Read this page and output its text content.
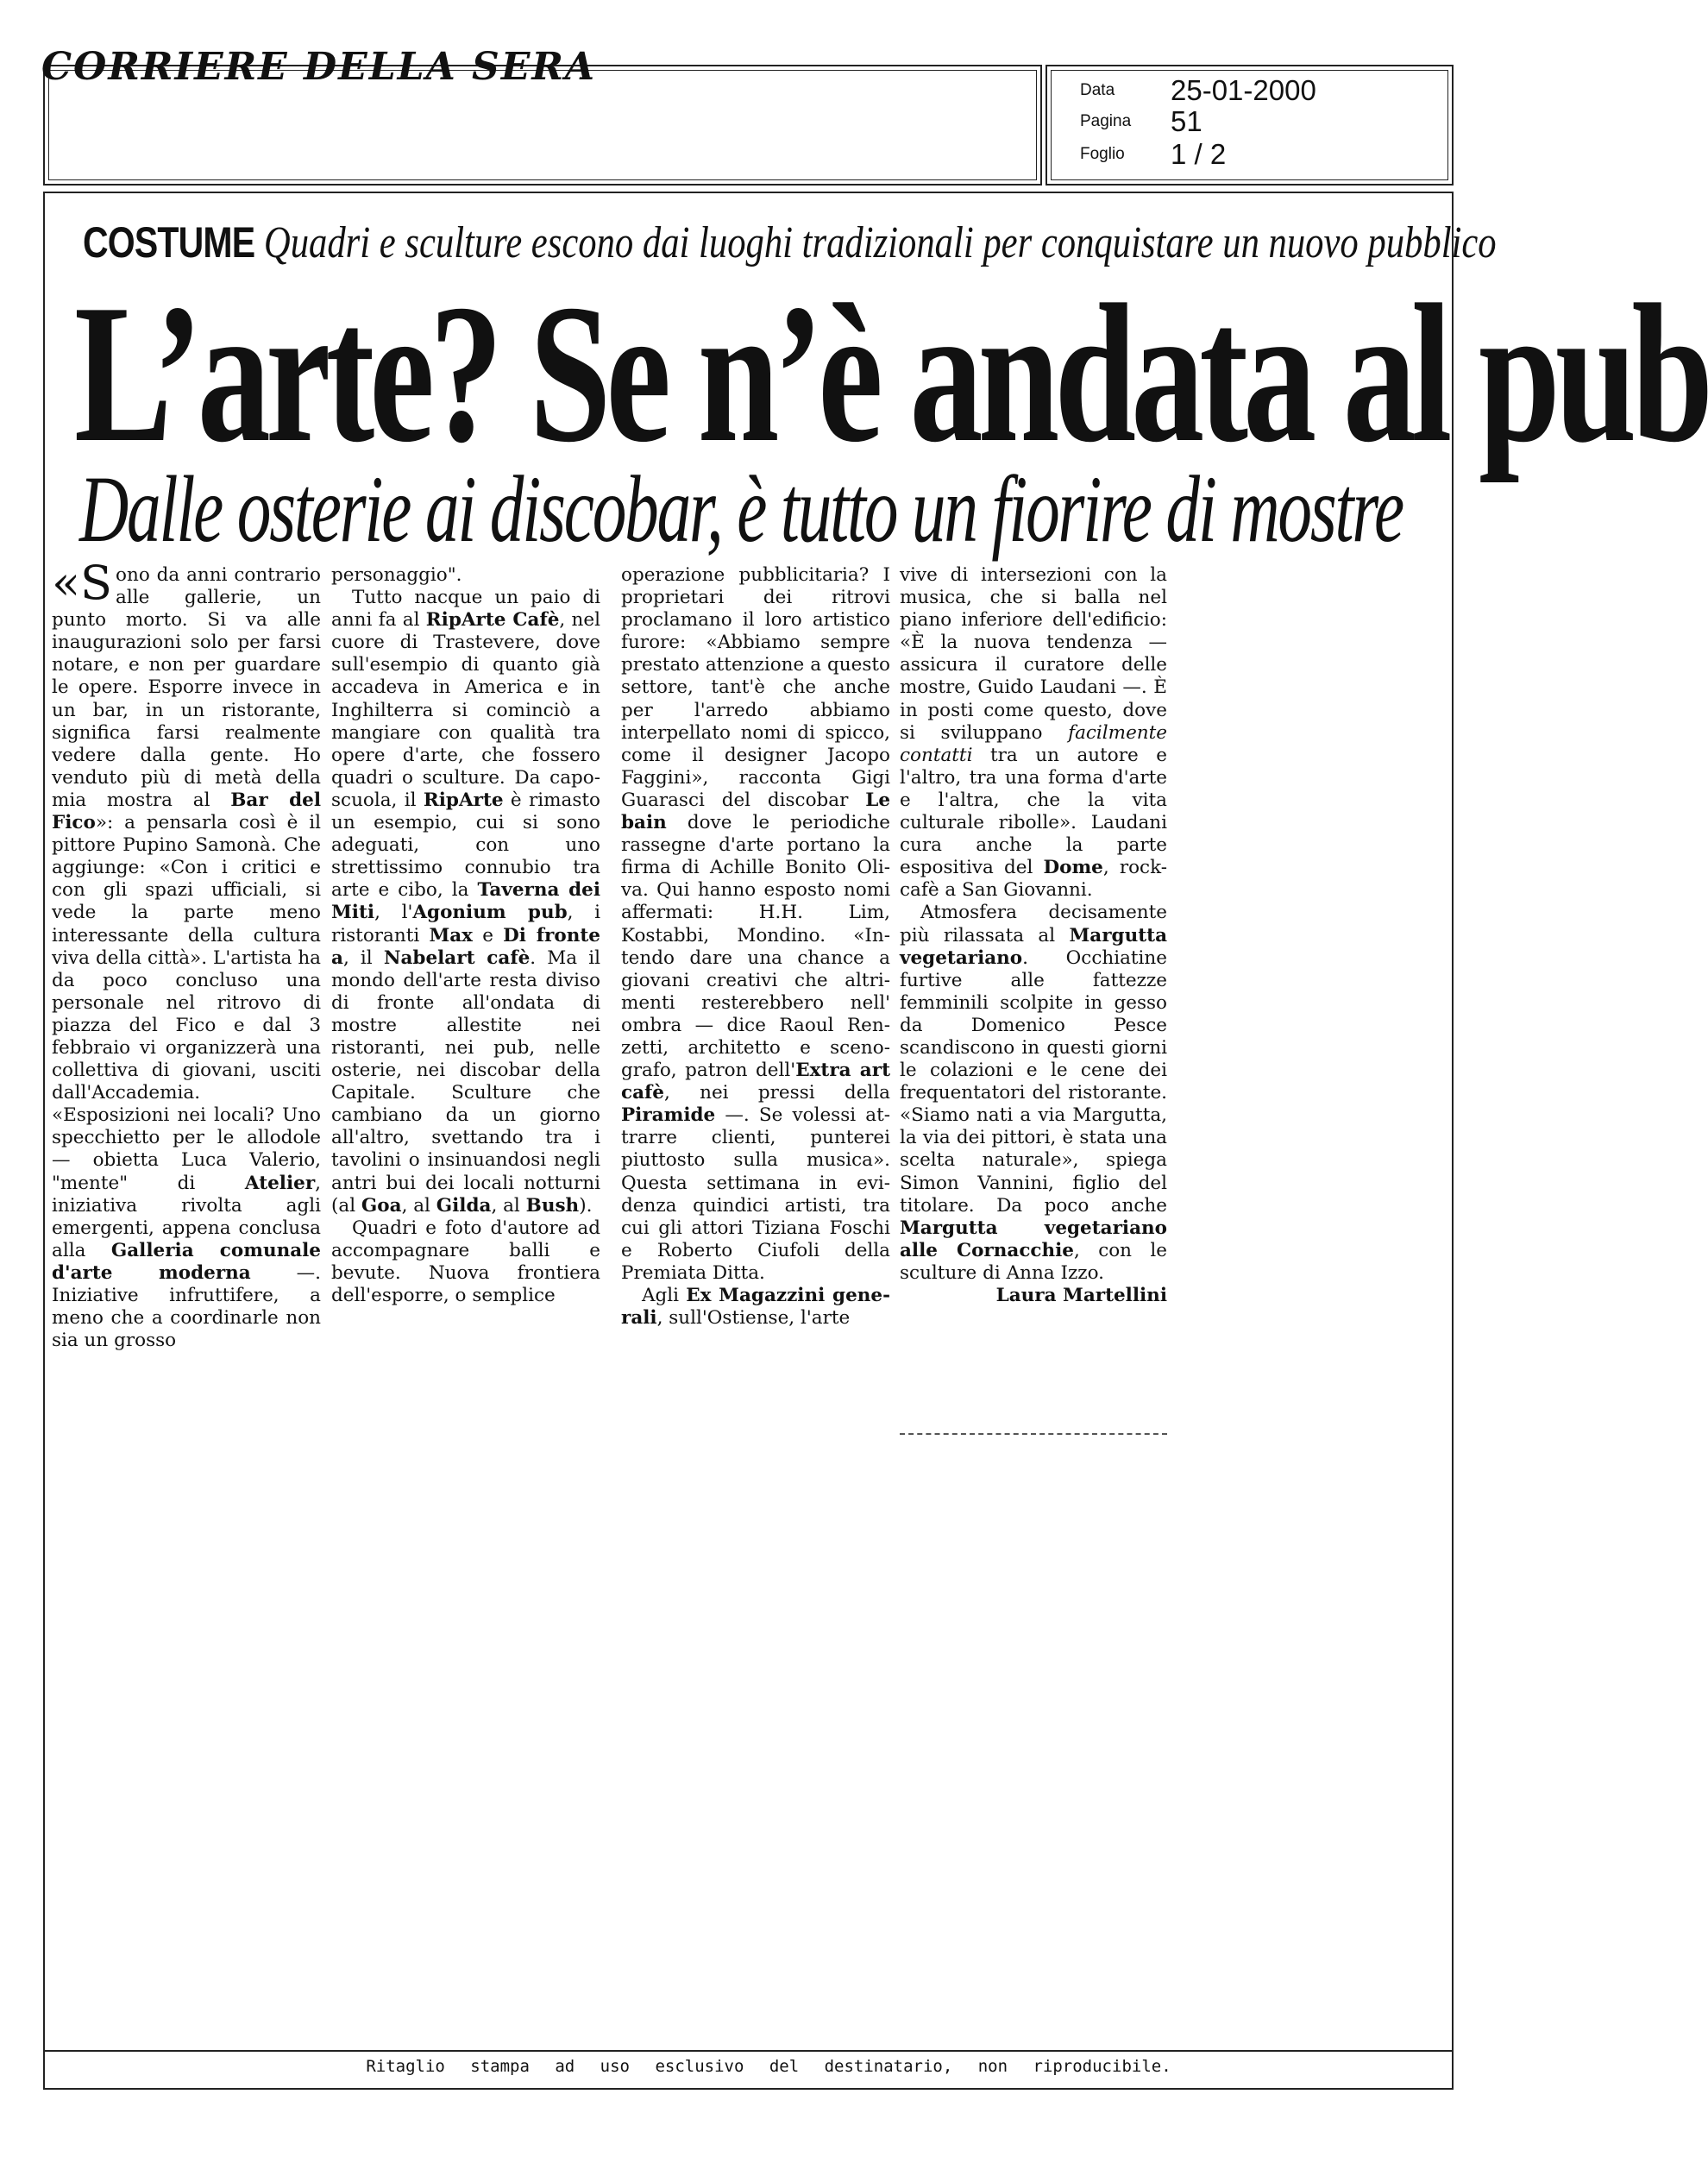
CORRIERE DELLA SERA
Data 25-01-2000
Pagina 51
Foglio 1 / 2
COSTUME Quadri e sculture escono dai luoghi tradizionali per conquistare un nuovo pubblico
L’arte? Se n’è andata al pub
Dalle osterie ai discobar, è tutto un fiorire di mostre

«Sono da anni contrario alle gallerie, un punto morto. Si va alle inaugurazioni solo per farsi notare, e non per guardare le opere. Esporre invece in un bar, in un ristorante, significa farsi realmente vedere dalla gente. Ho venduto più di metà della mia mostra al Bar del Fico»: a pensarla così è il pittore Pupino Samonà. Che aggiunge: «Con i critici e con gli spazi ufficiali, si vede la parte meno interessante della cultura viva della città». L'artista ha da poco concluso una personale nel ritrovo di piazza del Fico e dal 3 febbraio vi organizzerà una collettiva di giovani, usciti dall'Accademia. «Esposizioni nei locali? Uno specchietto per le allodole — obietta Luca Valerio, "mente" di Atelier, iniziativa rivolta agli emergenti, appena conclusa alla Galleria comunale d'arte moderna —. Iniziative infruttifere, a meno che a coordinarle non sia un grosso

personaggio".

Tutto nacque un paio di anni fa al RipArte Cafè, nel cuore di Trastevere, dove sull'esempio di quanto già accadeva in America e in Inghilterra si cominciò a mangiare con qualità tra opere d'arte, che fossero quadri o sculture. Da caposcuola, il RipArte è rimasto un esempio, cui si sono adeguati, con uno strettissimo connubio tra arte e cibo, la Taverna dei Miti, l'Agonium pub, i ristoranti Max e Di fronte a, il Nabelart cafè. Ma il mondo dell'arte resta diviso di fronte all'ondata di mostre allestite nei ristoranti, nei pub, nelle osterie, nei discobar della Capitale. Sculture che cambiano da un giorno all'altro, svettando tra i tavolini o insinuandosi negli antri bui dei locali notturni (al Goa, al Gilda, al Bush).

Quadri e foto d'autore ad accompagnare balli e bevute. Nuova frontiera dell'esporre, o semplice

operazione pubblicitaria? I proprietari dei ritrovi proclamano il loro artistico furore: «Abbiamo sempre prestato attenzione a questo settore, tant'è che anche per l'arredo abbiamo interpellato nomi di spicco, come il designer Jacopo Faggini», racconta Gigi Guarasci del discobar Le bain dove le periodiche rassegne d'arte portano la firma di Achille Bonito Oliva. Qui hanno esposto nomi affermati: H.H. Lim, Kostabbi, Mondino. «Intendo dare una chance a giovani creativi che altrimenti resterebbero nell' ombra — dice Raoul Renzetti, architetto e scenografo, patron dell'Extra art cafè, nei pressi della Piramide —. Se volessi attrarre clienti, punterei piuttosto sulla musica». Questa settimana in evidenza quindici artisti, tra cui gli attori Tiziana Foschi e Roberto Ciufoli della Premiata Ditta.

Agli Ex Magazzini generali, sull'Ostiense, l'arte

vive di intersezioni con la musica, che si balla nel piano inferiore dell'edificio: «È la nuova tendenza — assicura il curatore delle mostre, Guido Laudani —. È in posti come questo, dove si sviluppano facilmente contatti tra un autore e l'altro, tra una forma d'arte e l'altra, che la vita culturale ribolle». Laudani cura anche la parte espositiva del Dome, rock-cafè a San Giovanni.

Atmosfera decisamente più rilassata al Margutta vegetariano. Occhiatine furtive alle fattezze femminili scolpite in gesso da Domenico Pesce scandiscono in questi giorni le colazioni e le cene dei frequentatori del ristorante. «Siamo nati a via Margutta, la via dei pittori, è stata una scelta naturale», spiega Simon Vannini, figlio del titolare. Da poco anche Margutta vegetariano alle Cornacchie, con le sculture di Anna Izzo.

Laura Martellini

Ritaglio stampa ad uso esclusivo del destinatario, non riproducibile.
